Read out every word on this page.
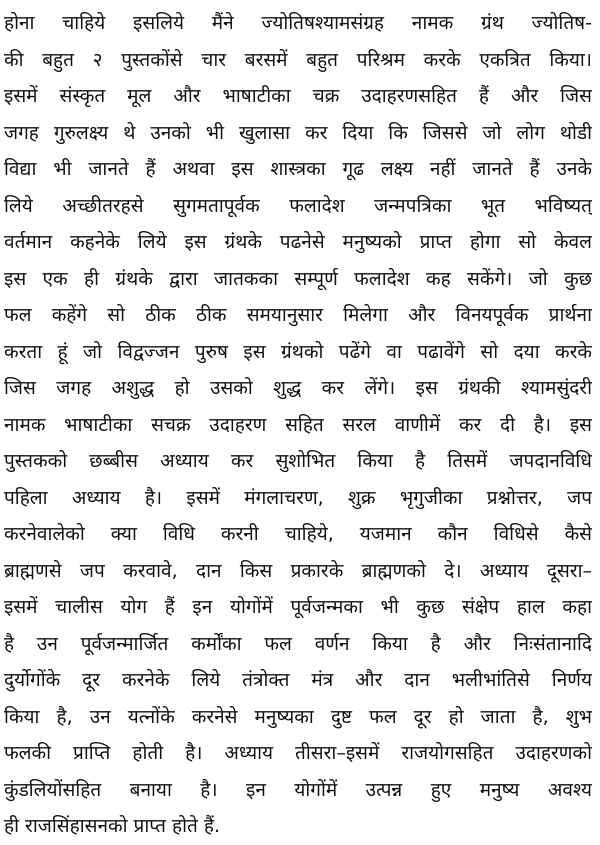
होना चाहिये इसलिये मैंने ज्योतिषश्यामसंग्रह नामक ग्रंथ ज्योतिष-
की बहुत २ पुस्तकोंसे चार बरसमें बहुत परिश्रम करके एकत्रित किया।
इसमें संस्कृत मूल और भाषाटीका चक्र उदाहरणसहित हैं और जिस
जगह गुरुलक्ष्य थे उनको भी खुलासा कर दिया कि जिससे जो लोग थोडी
विद्या भी जानते हैं अथवा इस शास्त्रका गूढ लक्ष्य नहीं जानते हैं उनके
लिये अच्छीतरहसे सुगमतापूर्वक फलादेश जन्मपत्रिका भूत भविष्यत्
वर्तमान कहनेके लिये इस ग्रंथके पढनेसे मनुष्यको प्राप्त होगा सो केवल
इस एक ही ग्रंथके द्वारा जातकका सम्पूर्ण फलादेश कह सकेंगे। जो कुछ
फल कहेंगे सो ठीक ठीक समयानुसार मिलेगा और विनयपूर्वक प्रार्थना
करता हूं जो विद्वज्जन पुरुष इस ग्रंथको पढेंगे वा पढावेंगे सो दया करके
जिस जगह अशुद्ध हो उसको शुद्ध कर लेंगे। इस ग्रंथकी श्यामसुंदरी
नामक भाषाटीका सचक्र उदाहरण सहित सरल वाणीमें कर दी है। इस
पुस्तकको छब्बीस अध्याय कर सुशोभित किया है तिसमें जपदानविधि
पहिला अध्याय है। इसमें मंगलाचरण, शुक्र भृगुजीका प्रश्नोत्तर, जप
करनेवालेको क्या विधि करनी चाहिये, यजमान कौन विधिसे कैसे
ब्राह्मणसे जप करवावे, दान किस प्रकारके ब्राह्मणको दे। अध्याय दूसरा–
इसमें चालीस योग हैं इन योगोंमें पूर्वजन्मका भी कुछ संक्षेप हाल कहा
है उन पूर्वजन्मार्जित कर्मोंका फल वर्णन किया है और निःसंतानादि
दुर्योगोंके दूर करनेके लिये तंत्रोक्त मंत्र और दान भलीभांतिसे निर्णय
किया है, उन यत्नोंके करनेसे मनुष्यका दुष्ट फल दूर हो जाता है, शुभ
फलकी प्राप्ति होती है। अध्याय तीसरा–इसमें राजयोगसहित उदाहरणको
कुंडलियोंसहित बनाया है। इन योगोंमें उत्पन्न हुए मनुष्य अवश्य
ही राजसिंहासनको प्राप्त होते हैं.
